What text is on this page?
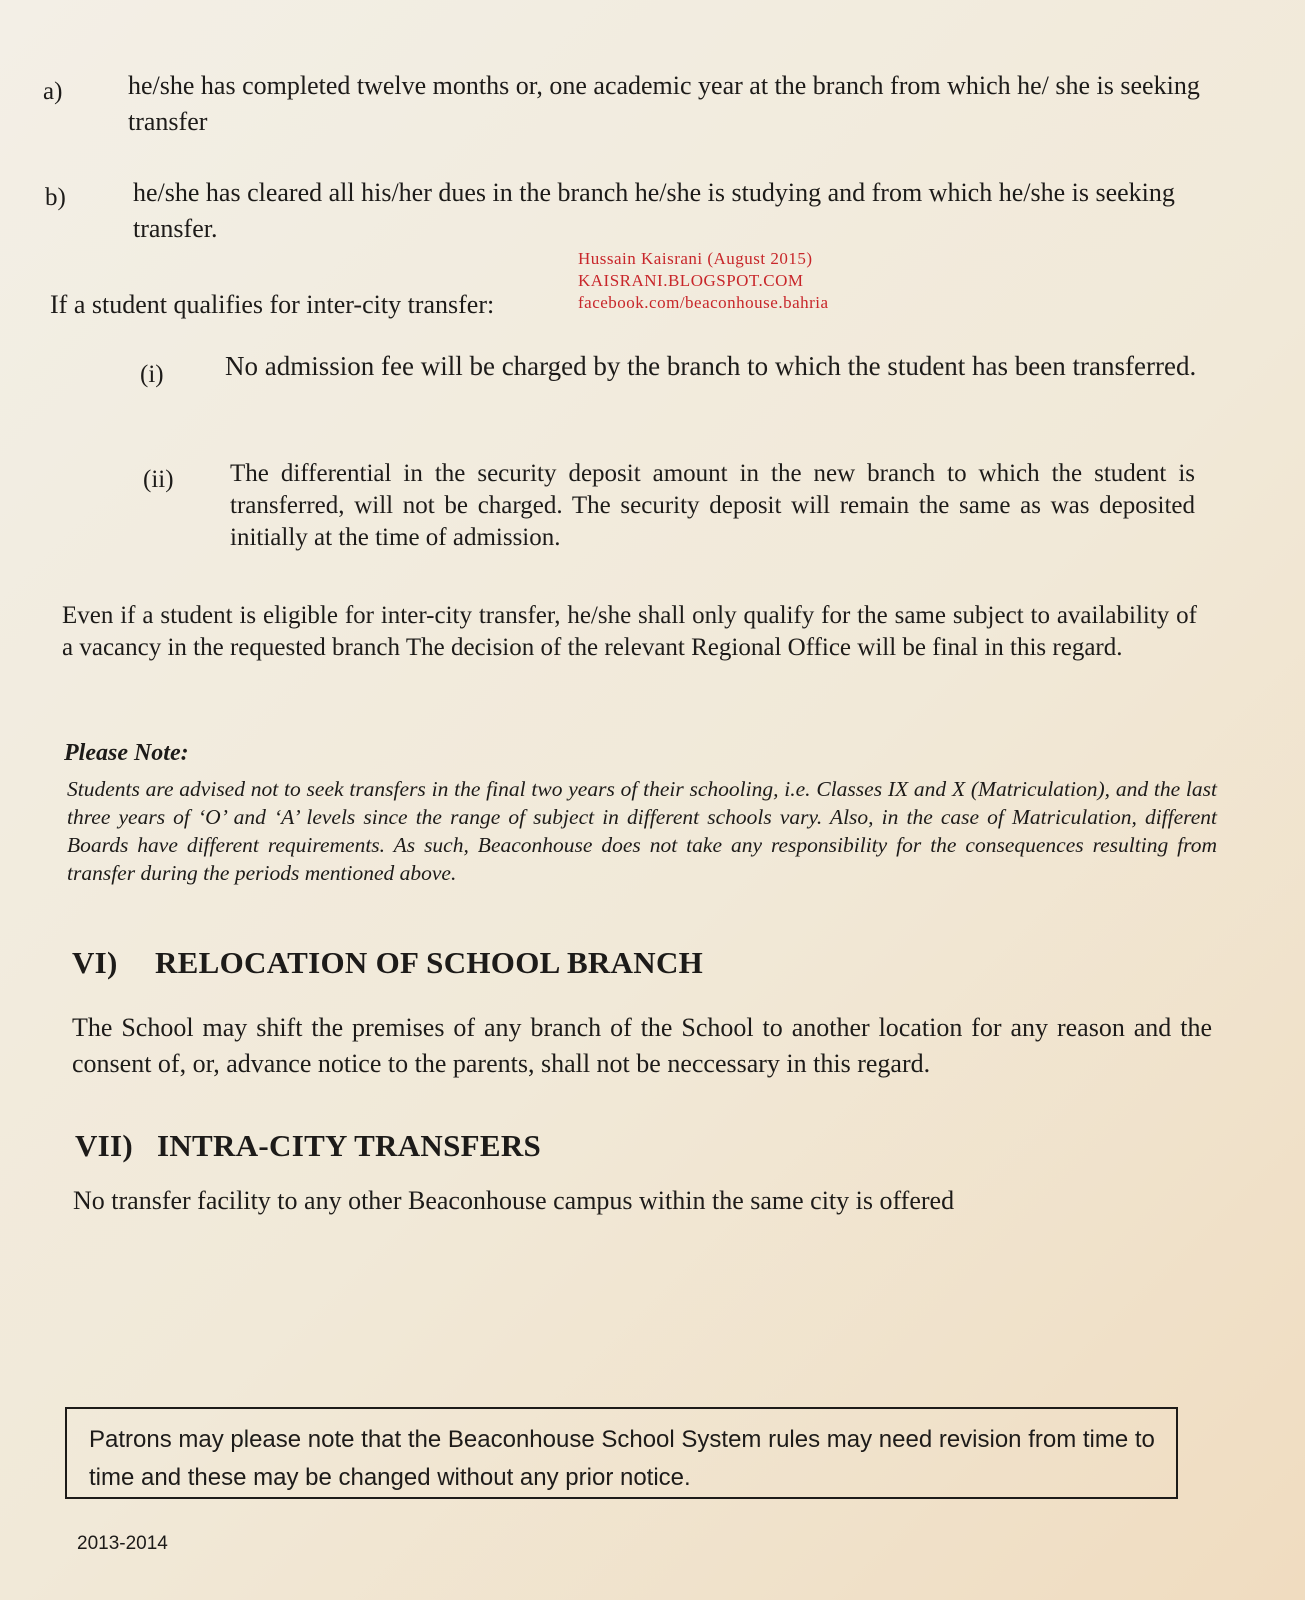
a)	he/she has completed twelve months or, one academic year at the branch from which he/ she is seeking transfer
b)	he/she has cleared all his/her dues in the branch he/she is studying and from which he/she is seeking transfer.
Hussain Kaisrani (August 2015)
KAISRANI.BLOGSPOT.COM
facebook.com/beaconhouse.bahria
If a student qualifies for inter-city transfer:
(i) No admission fee will be charged by the branch to which the student has been transferred.
(ii) The differential in the security deposit amount in the new branch to which the student is transferred, will not be charged. The security deposit will remain the same as was deposited initially at the time of admission.
Even if a student is eligible for inter-city transfer, he/she shall only qualify for the same subject to availability of a vacancy in the requested branch The decision of the relevant Regional Office will be final in this regard.
Please Note:
Students are advised not to seek transfers in the final two years of their schooling, i.e. Classes IX and X (Matriculation), and the last three years of ‘O’ and ‘A’ levels since the range of subject in different schools vary. Also, in the case of Matriculation, different Boards have different requirements. As such, Beaconhouse does not take any responsibility for the consequences resulting from transfer during the periods mentioned above.
VI) RELOCATION OF SCHOOL BRANCH
The School may shift the premises of any branch of the School to another location for any reason and the consent of, or, advance notice to the parents, shall not be neccessary in this regard.
VII) INTRA-CITY TRANSFERS
No transfer facility to any other Beaconhouse campus within the same city is offered
Patrons may please note that the Beaconhouse School System rules may need revision from time to time and these may be changed without any prior notice.
2013-2014
